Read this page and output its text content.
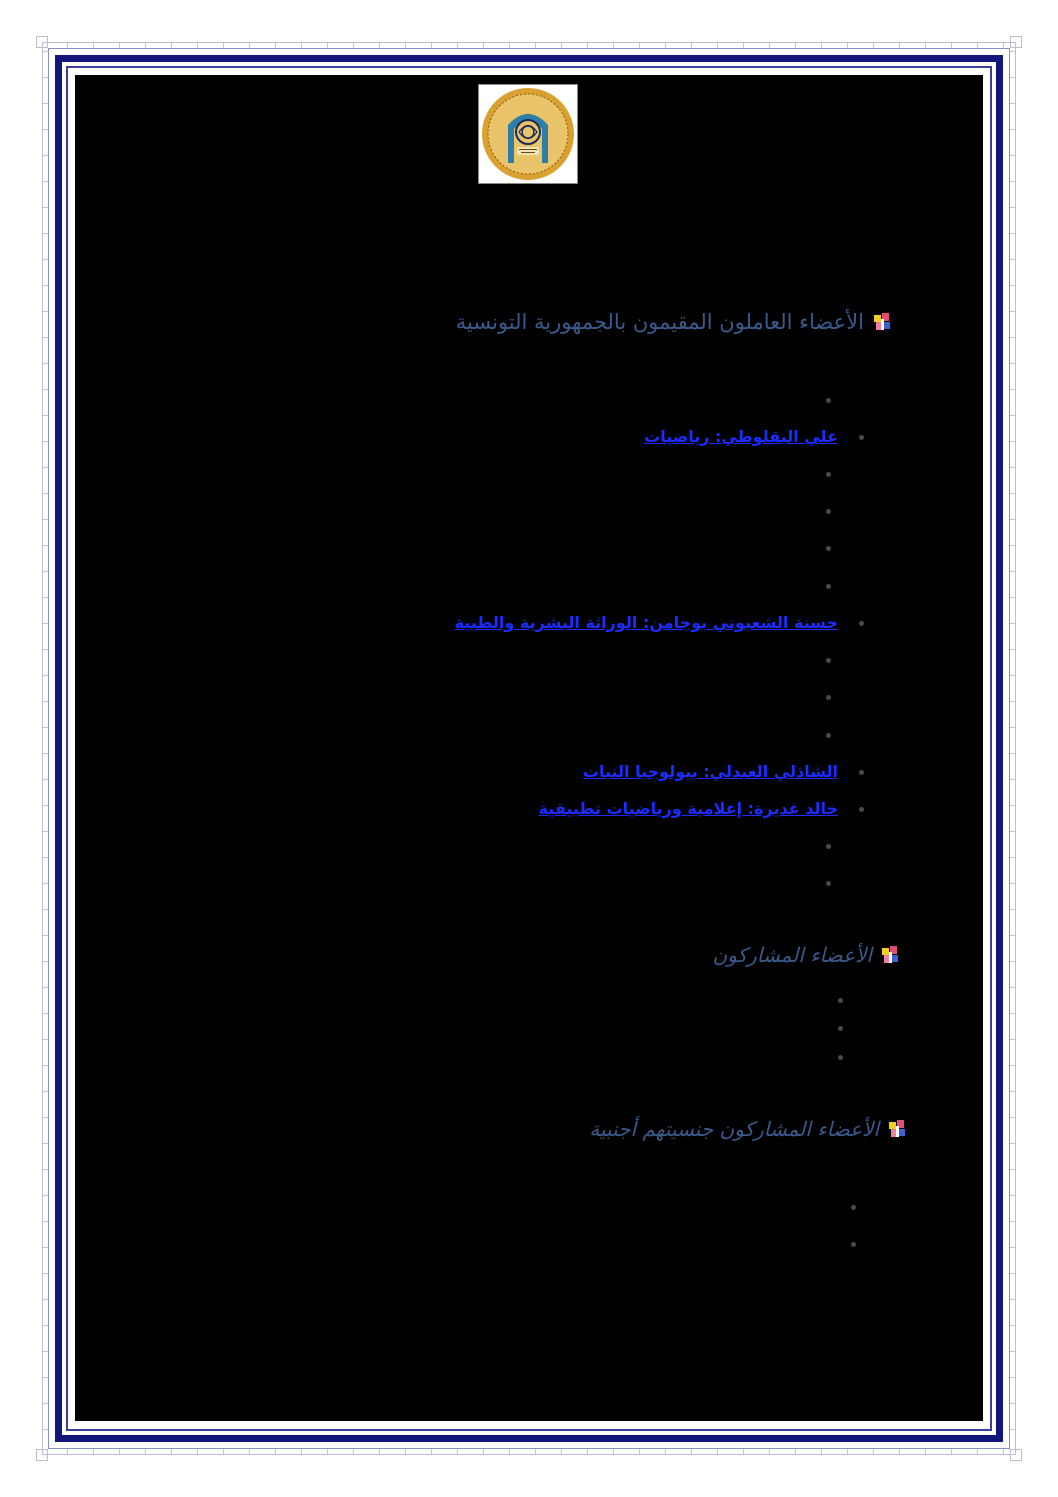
الأعضاء العاملون المقيمون بالجمهورية التونسية
علي البقلوطي: رياضيات
حسنة الشعبوني بوجامن: الوراثة البشرية والطبية
الشاذلي العبدلي: بيولوجيا النبات
خالد غديرة: إعلامية ورياضيات تطبيقية
الأعضاء المشاركون
الأعضاء المشاركون جنسيتهم أجنبية
